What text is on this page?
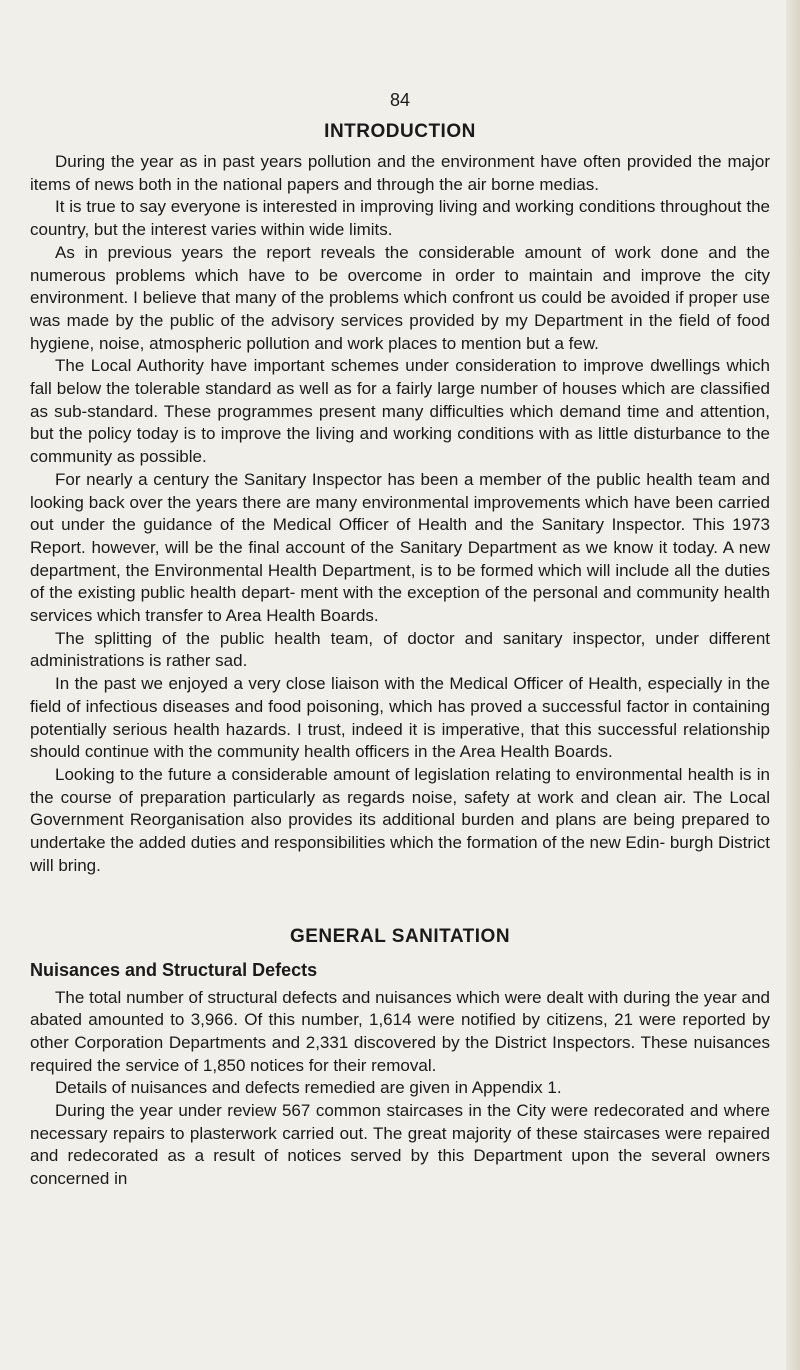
84
INTRODUCTION

During the year as in past years pollution and the environment have often provided the major items of news both in the national papers and through the air borne medias.

It is true to say everyone is interested in improving living and working conditions throughout the country, but the interest varies within wide limits.

As in previous years the report reveals the considerable amount of work done and the numerous problems which have to be overcome in order to maintain and improve the city environment. I believe that many of the problems which confront us could be avoided if proper use was made by the public of the advisory services provided by my Department in the field of food hygiene, noise, atmospheric pollution and work places to mention but a few.

The Local Authority have important schemes under consideration to improve dwellings which fall below the tolerable standard as well as for a fairly large number of houses which are classified as sub-standard. These programmes present many difficulties which demand time and attention, but the policy today is to improve the living and working conditions with as little disturbance to the community as possible.

For nearly a century the Sanitary Inspector has been a member of the public health team and looking back over the years there are many environmental improvements which have been carried out under the guidance of the Medical Officer of Health and the Sanitary Inspector. This 1973 Report. however, will be the final account of the Sanitary Department as we know it today. A new department, the Environmental Health Department, is to be formed which will include all the duties of the existing public health depart- ment with the exception of the personal and community health services which transfer to Area Health Boards.

The splitting of the public health team, of doctor and sanitary inspector, under different administrations is rather sad.

In the past we enjoyed a very close liaison with the Medical Officer of Health, especially in the field of infectious diseases and food poisoning, which has proved a successful factor in containing potentially serious health hazards. I trust, indeed it is imperative, that this successful relationship should continue with the community health officers in the Area Health Boards.

Looking to the future a considerable amount of legislation relating to environmental health is in the course of preparation particularly as regards noise, safety at work and clean air. The Local Government Reorganisation also provides its additional burden and plans are being prepared to undertake the added duties and responsibilities which the formation of the new Edin- burgh District will bring.

GENERAL SANITATION
Nuisances and Structural Defects

The total number of structural defects and nuisances which were dealt with during the year and abated amounted to 3,966. Of this number, 1,614 were notified by citizens, 21 were reported by other Corporation Departments and 2,331 discovered by the District Inspectors. These nuisances required the service of 1,850 notices for their removal.

Details of nuisances and defects remedied are given in Appendix 1.

During the year under review 567 common staircases in the City were redecorated and where necessary repairs to plasterwork carried out. The great majority of these staircases were repaired and redecorated as a result of notices served by this Department upon the several owners concerned in
